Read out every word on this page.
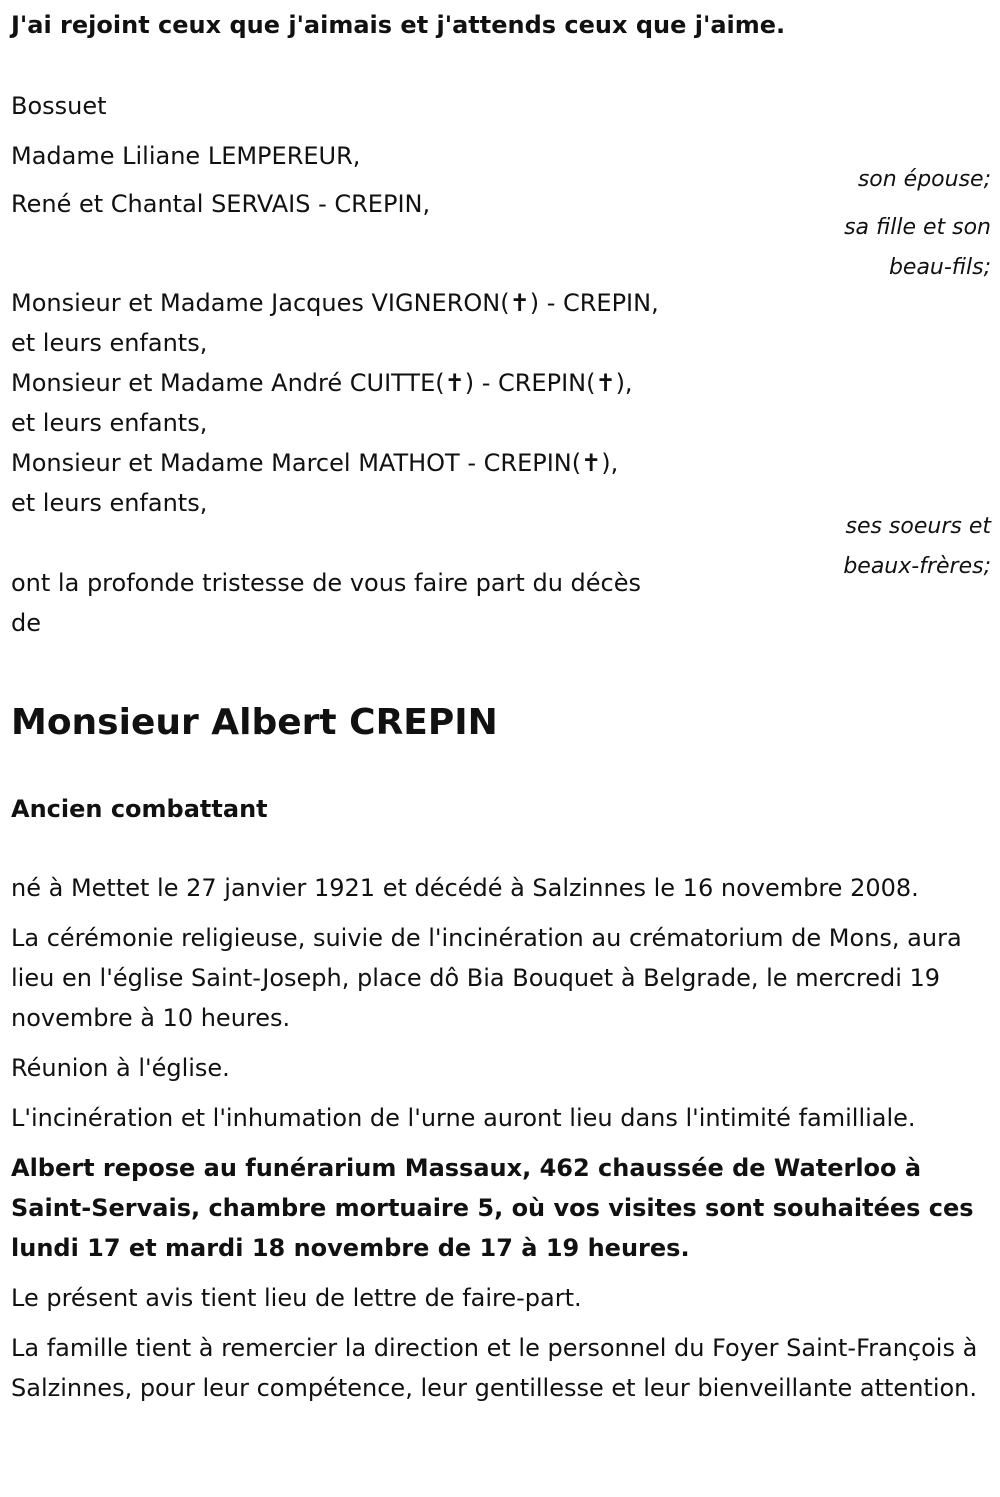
J'ai rejoint ceux que j'aimais et j'attends ceux que j'aime.
Bossuet
Madame Liliane LEMPEREUR,
son épouse;
René et Chantal SERVAIS - CREPIN,
sa fille et son
beau-fils;
Monsieur et Madame Jacques VIGNERON(✝) - CREPIN,
et leurs enfants,
Monsieur et Madame André CUITTE(✝) - CREPIN(✝),
et leurs enfants,
Monsieur et Madame Marcel MATHOT - CREPIN(✝),
et leurs enfants,
ont la profonde tristesse de vous faire part du décès
de
ses soeurs et
beaux-frères;
Monsieur Albert CREPIN
Ancien combattant

né à Mettet le 27 janvier 1921 et décédé à Salzinnes le 16 novembre 2008.

La cérémonie religieuse, suivie de l'incinération au crématorium de Mons, aura lieu en l'église Saint-Joseph, place dô Bia Bouquet à Belgrade, le mercredi 19 novembre à 10 heures.

Réunion à l'église.

L'incinération et l'inhumation de l'urne auront lieu dans l'intimité familliale.

Albert repose au funérarium Massaux, 462 chaussée de Waterloo à Saint-Servais, chambre mortuaire 5, où vos visites sont souhaitées ces lundi 17 et mardi 18 novembre de 17 à 19 heures.

Le présent avis tient lieu de lettre de faire-part.

La famille tient à remercier la direction et le personnel du Foyer Saint-François à Salzinnes, pour leur compétence, leur gentillesse et leur bienveillante attention.
